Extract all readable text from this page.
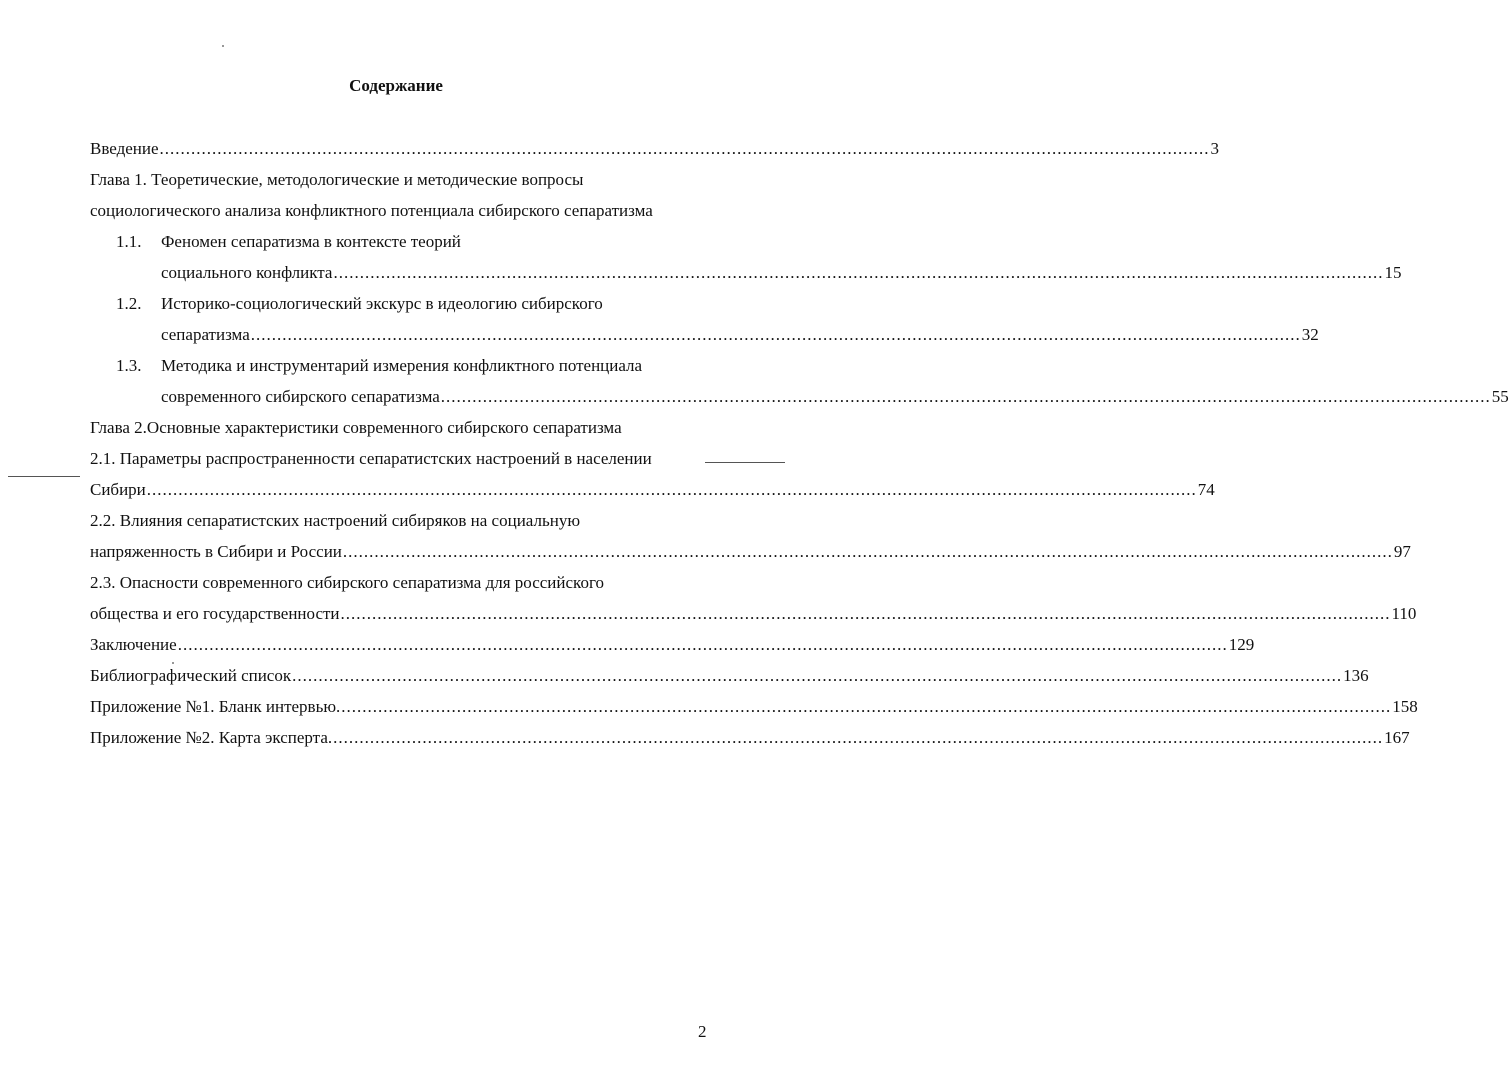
Содержание
Введение ........................................................................................................................................................................................................ 3
Глава 1. Теоретические, методологические и методические вопросы
социологического анализа конфликтного потенциала сибирского сепаратизма
1.1. Феномен сепаратизма в контексте теорий
социального конфликта ........................................................................................................................................................................................................ 15
1.2. Историко-социологический экскурс в идеологию сибирского
сепаратизма ........................................................................................................................................................................................................ 32
1.3. Методика и инструментарий измерения конфликтного потенциала
современного сибирского сепаратизма ........................................................................................................................................................................................................ 55
Глава 2.Основные характеристики современного сибирского сепаратизма
2.1. Параметры распространенности сепаратистских настроений в населении
Сибири ........................................................................................................................................................................................................ 74
2.2. Влияния сепаратистских настроений сибиряков на социальную
напряженность в Сибири и России ........................................................................................................................................................................................................ 97
2.3. Опасности современного сибирского сепаратизма для российского
общества и его государственности ........................................................................................................................................................................................................ 110
Заключение ........................................................................................................................................................................................................ 129
Библиографический список ........................................................................................................................................................................................................ 136
Приложение №1. Бланк интервью. ........................................................................................................................................................................................................ 158
Приложение №2. Карта эксперта. ........................................................................................................................................................................................................ 167
2
